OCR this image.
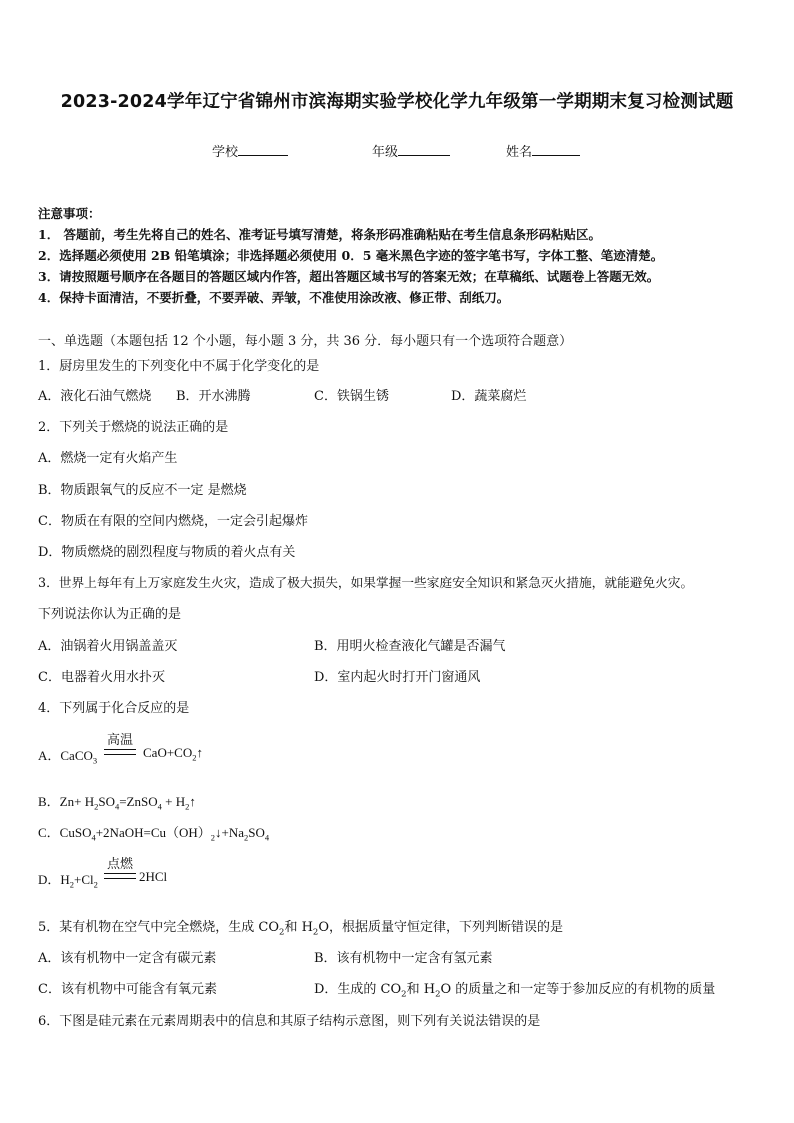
2023-2024学年辽宁省锦州市滨海期实验学校化学九年级第一学期期末复习检测试题
学校	年级	姓名
注意事项：
1． 答题前，考生先将自己的姓名、准考证号填写清楚，将条形码准确粘贴在考生信息条形码粘贴区。
2．选择题必须使用 2B 铅笔填涂；非选择题必须使用 0．5 毫米黑色字迹的签字笔书写，字体工整、笔迹清楚。
3．请按照题号顺序在各题目的答题区域内作答，超出答题区域书写的答案无效；在草稿纸、试题卷上答题无效。
4．保持卡面清洁，不要折叠，不要弄破、弄皱，不准使用涂改液、修正带、刮纸刀。
一、单选题（本题包括 12 个小题，每小题 3 分，共 36 分．每小题只有一个选项符合题意）
1．厨房里发生的下列变化中不属于化学变化的是
A．液化石油气燃烧 B．开水沸腾	C．铁锅生锈	D．蔬菜腐烂
2．下列关于燃烧的说法正确的是
A．燃烧一定有火焰产生
B．物质跟氧气的反应不一定 是燃烧
C．物质在有限的空间内燃烧，一定会引起爆炸
D．物质燃烧的剧烈程度与物质的着火点有关
3．世界上每年有上万家庭发生火灾，造成了极大损失，如果掌握一些家庭安全知识和紧急灭火措施，就能避免火灾。
下列说法你认为正确的是
A．油锅着火用锅盖盖灭	B．用明火检查液化气罐是否漏气
C．电器着火用水扑灭	D．室内起火时打开门窗通风
4．下列属于化合反应的是
A．CaCO$_3$
高温
$CaO+CO_2↑$
B．$Zn+ H_2SO_4=ZnSO_4$ + $H_2↑$
C．$CuSO_4+2NaOH=Cu(OH)_2↓+Na_2SO_4$
D．$H_2+Cl_2$
点燃
2HCl
5．某有机物在空气中完全燃烧，生成 $CO_2$和 $H_2O$，根据质量守恒定律，下列判断错误的是
A．该有机物中一定含有碳元素	B．该有机物中一定含有氢元素
C．该有机物中可能含有氧元素	D．生成的 $CO_2$和 $H_2O$ 的质量之和一定等于参加反应的有机物的质量
6．下图是硅元素在元素周期表中的信息和其原子结构示意图，则下列有关说法错误的是
